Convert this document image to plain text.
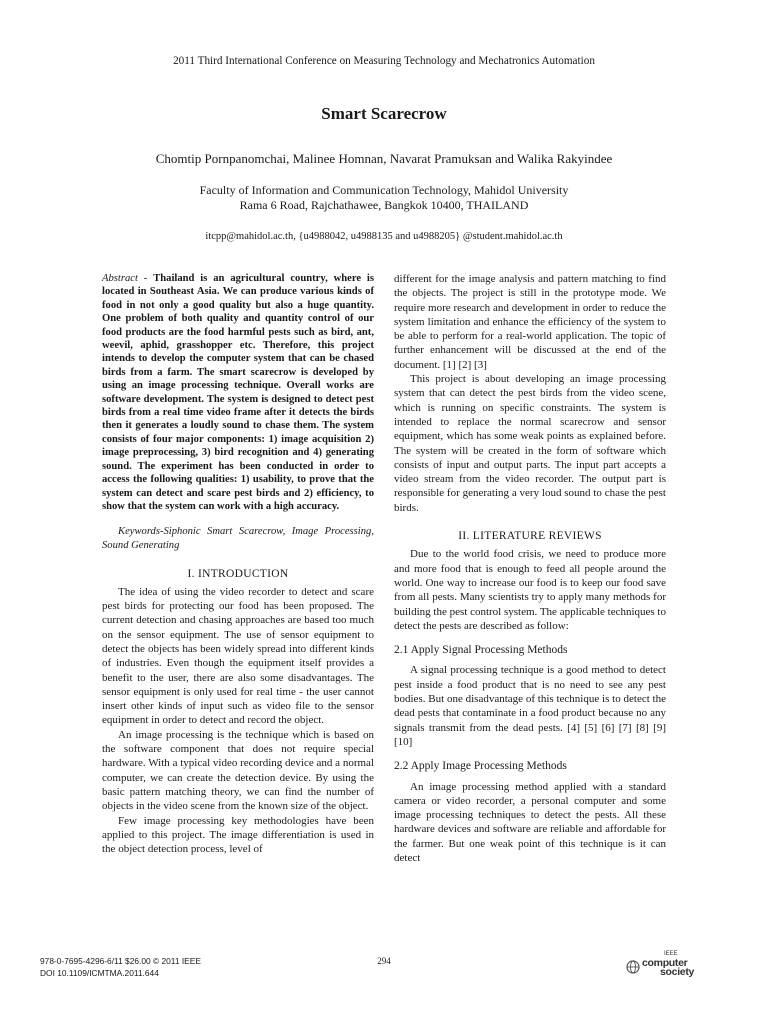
2011 Third International Conference on Measuring Technology and Mechatronics Automation
Smart Scarecrow
Chomtip Pornpanomchai, Malinee Homnan, Navarat Pramuksan and Walika Rakyindee
Faculty of Information and Communication Technology, Mahidol University
Rama 6 Road, Rajchathawee, Bangkok 10400, THAILAND
itcpp@mahidol.ac.th, {u4988042, u4988135 and u4988205} @student.mahidol.ac.th

Abstract - Thailand is an agricultural country, where is located in Southeast Asia. We can produce various kinds of food in not only a good quality but also a huge quantity. One problem of both quality and quantity control of our food products are the food harmful pests such as bird, ant, weevil, aphid, grasshopper etc. Therefore, this project intends to develop the computer system that can be chased birds from a farm. The smart scarecrow is developed by using an image processing technique. Overall works are software development. The system is designed to detect pest birds from a real time video frame after it detects the birds then it generates a loudly sound to chase them. The system consists of four major components: 1) image acquisition 2) image preprocessing, 3) bird recognition and 4) generating sound. The experiment has been conducted in order to access the following qualities: 1) usability, to prove that the system can detect and scare pest birds and 2) efficiency, to show that the system can work with a high accuracy.

Keywords-Siphonic Smart Scarecrow, Image Processing, Sound Generating

I. INTRODUCTION

The idea of using the video recorder to detect and scare pest birds for protecting our food has been proposed. The current detection and chasing approaches are based too much on the sensor equipment. The use of sensor equipment to detect the objects has been widely spread into different kinds of industries. Even though the equipment itself provides a benefit to the user, there are also some disadvantages. The sensor equipment is only used for real time - the user cannot insert other kinds of input such as video file to the sensor equipment in order to detect and record the object.

An image processing is the technique which is based on the software component that does not require special hardware. With a typical video recording device and a normal computer, we can create the detection device. By using the basic pattern matching theory, we can find the number of objects in the video scene from the known size of the object.

Few image processing key methodologies have been applied to this project. The image differentiation is used in the object detection process, level of

different for the image analysis and pattern matching to find the objects. The project is still in the prototype mode. We require more research and development in order to reduce the system limitation and enhance the efficiency of the system to be able to perform for a real-world application. The topic of further enhancement will be discussed at the end of the document. [1] [2] [3]

This project is about developing an image processing system that can detect the pest birds from the video scene, which is running on specific constraints. The system is intended to replace the normal scarecrow and sensor equipment, which has some weak points as explained before. The system will be created in the form of software which consists of input and output parts. The input part accepts a video stream from the video recorder. The output part is responsible for generating a very loud sound to chase the pest birds.

II. LITERATURE REVIEWS

Due to the world food crisis, we need to produce more and more food that is enough to feed all people around the world. One way to increase our food is to keep our food save from all pests. Many scientists try to apply many methods for building the pest control system. The applicable techniques to detect the pests are described as follow:

2.1 Apply Signal Processing Methods

A signal processing technique is a good method to detect pest inside a food product that is no need to see any pest bodies. But one disadvantage of this technique is to detect the dead pests that contaminate in a food product because no any signals transmit from the dead pests. [4] [5] [6] [7] [8] [9] [10]

2.2 Apply Image Processing Methods

An image processing method applied with a standard camera or video recorder, a personal computer and some image processing techniques to detect the pests. All these hardware devices and software are reliable and affordable for the farmer. But one weak point of this technique is it can detect

978-0-7695-4296-6/11 $26.00 © 2011 IEEE
DOI 10.1109/ICMTMA.2011.644
294
IEEE
computer
society
